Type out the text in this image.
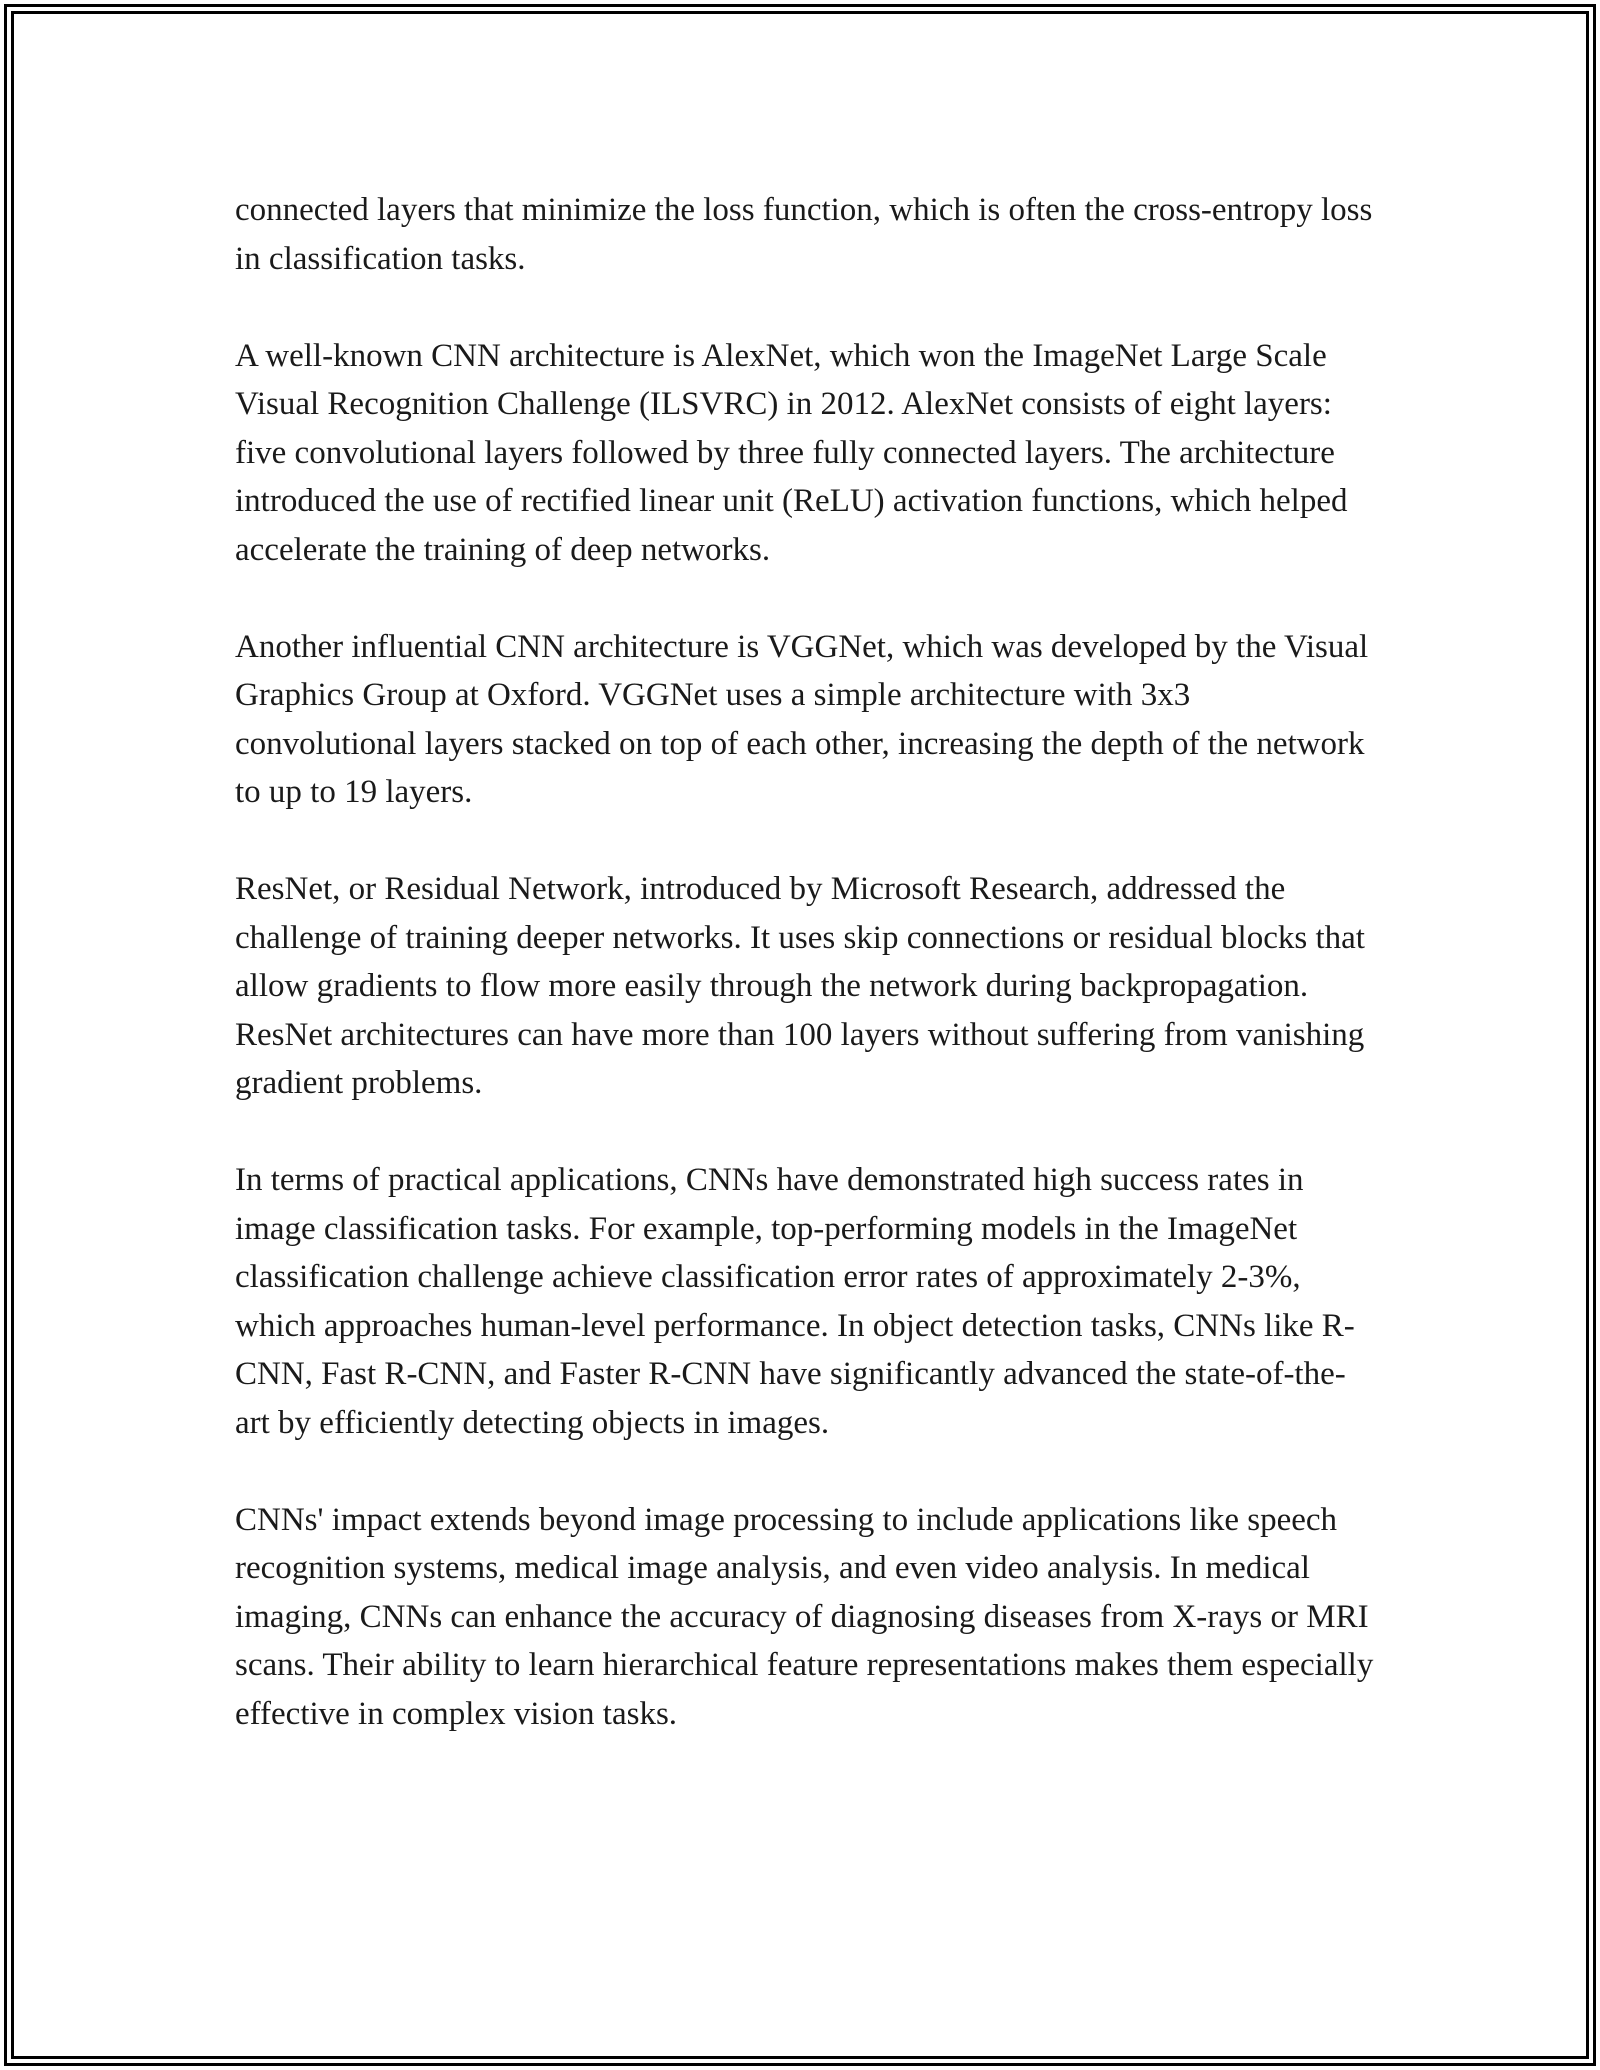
connected layers that minimize the loss function, which is often the cross-entropy loss in classification tasks.

A well-known CNN architecture is AlexNet, which won the ImageNet Large Scale Visual Recognition Challenge (ILSVRC) in 2012. AlexNet consists of eight layers: five convolutional layers followed by three fully connected layers. The architecture introduced the use of rectified linear unit (ReLU) activation functions, which helped accelerate the training of deep networks.

Another influential CNN architecture is VGGNet, which was developed by the Visual Graphics Group at Oxford. VGGNet uses a simple architecture with 3x3 convolutional layers stacked on top of each other, increasing the depth of the network to up to 19 layers.

ResNet, or Residual Network, introduced by Microsoft Research, addressed the challenge of training deeper networks. It uses skip connections or residual blocks that allow gradients to flow more easily through the network during backpropagation. ResNet architectures can have more than 100 layers without suffering from vanishing gradient problems.

In terms of practical applications, CNNs have demonstrated high success rates in image classification tasks. For example, top-performing models in the ImageNet classification challenge achieve classification error rates of approximately 2-3%, which approaches human-level performance. In object detection tasks, CNNs like R-CNN, Fast R-CNN, and Faster R-CNN have significantly advanced the state-of-the-art by efficiently detecting objects in images.

CNNs' impact extends beyond image processing to include applications like speech recognition systems, medical image analysis, and even video analysis. In medical imaging, CNNs can enhance the accuracy of diagnosing diseases from X-rays or MRI scans. Their ability to learn hierarchical feature representations makes them especially effective in complex vision tasks.
